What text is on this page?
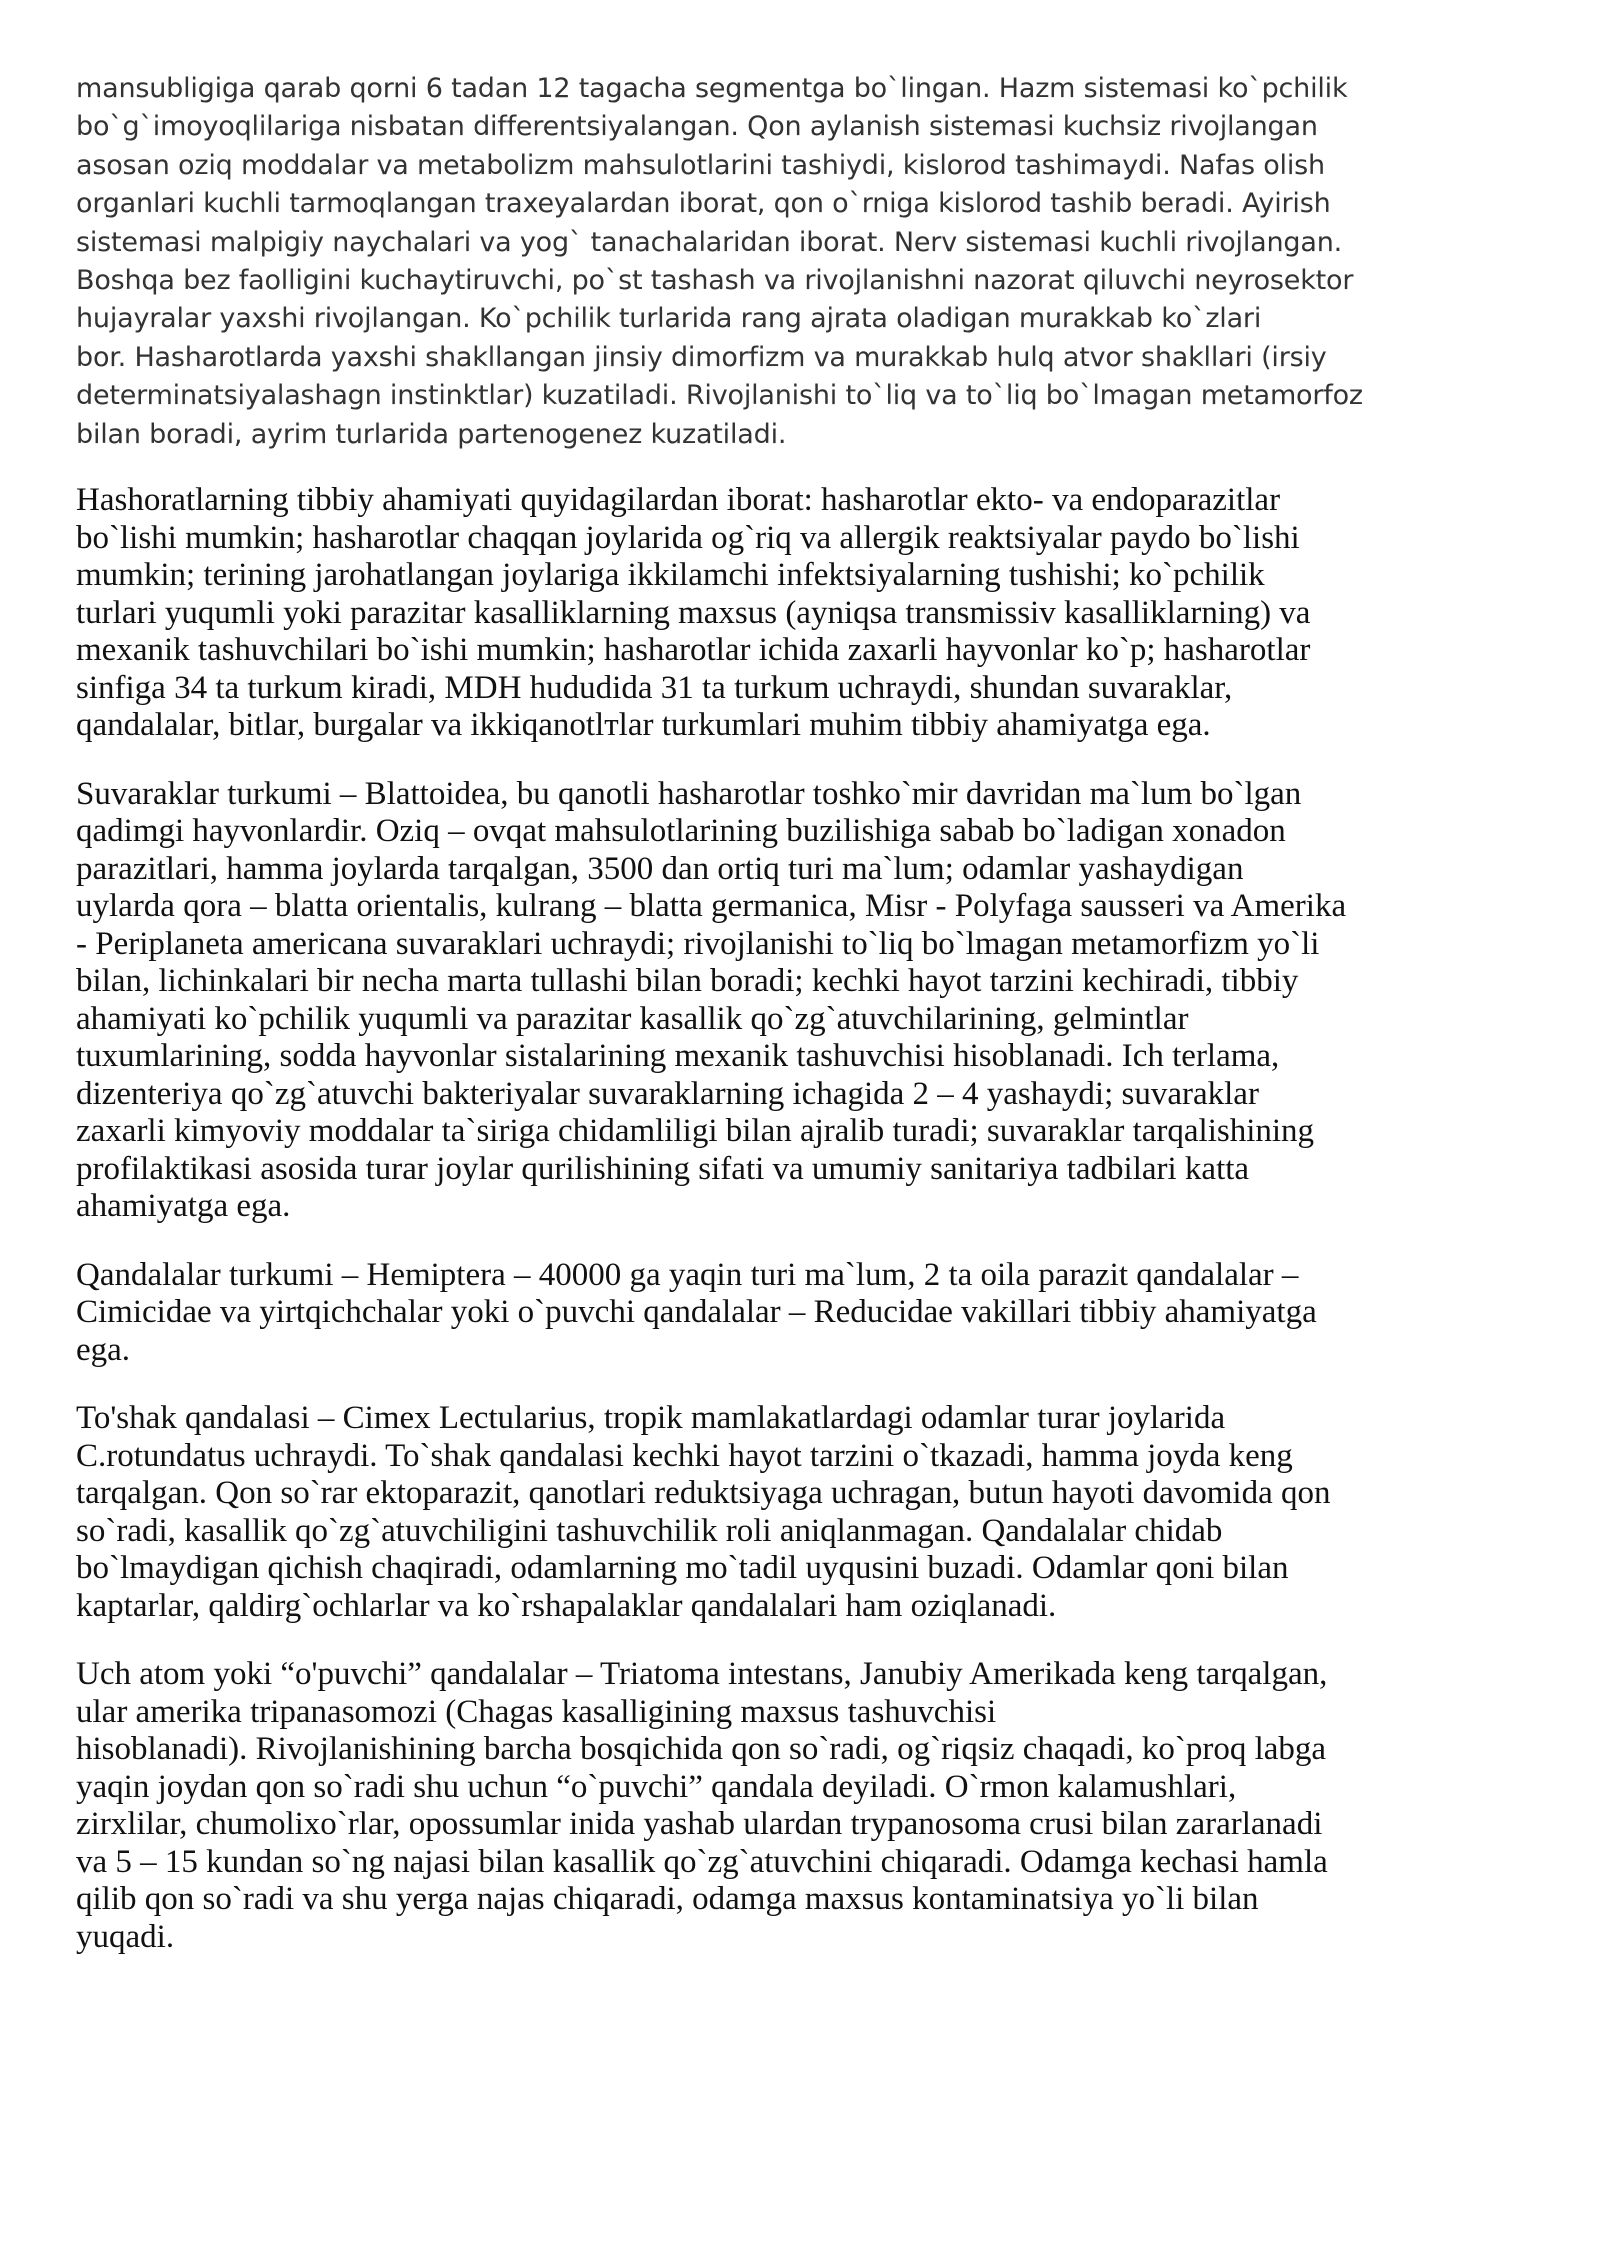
mansubligiga qarab qorni 6 tadan 12 tagacha segmentga bo`lingan. Hazm sistemasi ko`pchilik
bo`g`imoyoqlilariga nisbatan differentsiyalangan. Qon aylanish sistemasi kuchsiz rivojlangan
asosan oziq moddalar va metabolizm mahsulotlarini tashiydi, kislorod tashimaydi. Nafas olish
organlari kuchli tarmoqlangan traxeyalardan iborat, qon o`rniga kislorod tashib beradi. Ayirish
sistemasi malpigiy naychalari va yog` tanachalaridan iborat. Nerv sistemasi kuchli rivojlangan.
Boshqa bez faolligini kuchaytiruvchi, po`st tashash va rivojlanishni nazorat qiluvchi neyrosektor
hujayralar yaxshi rivojlangan. Ko`pchilik turlarida rang ajrata oladigan murakkab ko`zlari
bor. Hasharotlarda yaxshi shakllangan jinsiy dimorfizm va murakkab hulq atvor shakllari (irsiy
determinatsiyalashagn instinktlar) kuzatiladi. Rivojlanishi to`liq va to`liq bo`lmagan metamorfoz
bilan boradi, ayrim turlarida partenogenez kuzatiladi.

Hashoratlarning tibbiy ahamiyati quyidagilardan iborat: hasharotlar ekto- va endoparazitlar
bo`lishi mumkin; hasharotlar chaqqan joylarida og`riq va allergik reaktsiyalar paydo bo`lishi
mumkin; terining jarohatlangan joylariga ikkilamchi infektsiyalarning tushishi; ko`pchilik
turlari yuqumli yoki parazitar kasalliklarning maxsus (ayniqsa transmissiv kasalliklarning) va
mexanik tashuvchilari bo`ishi mumkin; hasharotlar ichida zaxarli hayvonlar ko`p; hasharotlar
sinfiga 34 ta turkum kiradi, MDH hududida 31 ta turkum uchraydi, shundan suvaraklar,
qandalalar, bitlar, burgalar va ikkiqanotlтlar turkumlari muhim tibbiy ahamiyatga ega.

Suvaraklar turkumi – Blattoidea, bu qanotli hasharotlar toshko`mir davridan ma`lum bo`lgan
qadimgi hayvonlardir. Oziq – ovqat mahsulotlarining buzilishiga sabab bo`ladigan xonadon
parazitlari, hamma joylarda tarqalgan, 3500 dan ortiq turi ma`lum; odamlar yashaydigan
uylarda qora – blatta orientalis, kulrang – blatta germanica, Misr - Polyfaga sausseri va Amerika
- Periplaneta americana suvaraklari uchraydi; rivojlanishi to`liq bo`lmagan metamorfizm yo`li
bilan, lichinkalari bir necha marta tullashi bilan boradi; kechki hayot tarzini kechiradi, tibbiy
ahamiyati ko`pchilik yuqumli va parazitar kasallik qo`zg`atuvchilarining, gelmintlar
tuxumlarining, sodda hayvonlar sistalarining mexanik tashuvchisi hisoblanadi. Ich terlama,
dizenteriya qo`zg`atuvchi bakteriyalar suvaraklarning ichagida 2 – 4 yashaydi; suvaraklar
zaxarli kimyoviy moddalar ta`siriga chidamliligi bilan ajralib turadi; suvaraklar tarqalishining
profilaktikasi asosida turar joylar qurilishining sifati va umumiy sanitariya tadbilari katta
ahamiyatga ega.

Qandalalar turkumi – Hemiptera – 40000 ga yaqin turi ma`lum, 2 ta oila parazit qandalalar –
Cimicidae va yirtqichchalar yoki o`puvchi qandalalar – Reducidae vakillari tibbiy ahamiyatga
ega.

To'shak qandalasi – Cimex Lectularius, tropik mamlakatlardagi odamlar turar joylarida
C.rotundatus uchraydi. To`shak qandalasi kechki hayot tarzini o`tkazadi, hamma joyda keng
tarqalgan. Qon so`rar ektoparazit, qanotlari reduktsiyaga uchragan, butun hayoti davomida qon
so`radi, kasallik qo`zg`atuvchiligini tashuvchilik roli aniqlanmagan. Qandalalar chidab
bo`lmaydigan qichish chaqiradi, odamlarning mo`tadil uyqusini buzadi. Odamlar qoni bilan
kaptarlar, qaldirg`ochlarlar va ko`rshapalaklar qandalalari ham oziqlanadi.

Uch atom yoki “o'puvchi” qandalalar – Triatoma intestans, Janubiy Amerikada keng tarqalgan,
ular amerika tripanasomozi (Chagas kasalligining maxsus tashuvchisi
hisoblanadi). Rivojlanishining barcha bosqichida qon so`radi, og`riqsiz chaqadi, ko`proq labga
yaqin joydan qon so`radi shu uchun “o`puvchi” qandala deyiladi. O`rmon kalamushlari,
zirxlilar, chumolixo`rlar, opossumlar inida yashab ulardan trypanosoma crusi bilan zararlanadi
va 5 – 15 kundan so`ng najasi bilan kasallik qo`zg`atuvchini chiqaradi. Odamga kechasi hamla
qilib qon so`radi va shu yerga najas chiqaradi, odamga maxsus kontaminatsiya yo`li bilan
yuqadi.
